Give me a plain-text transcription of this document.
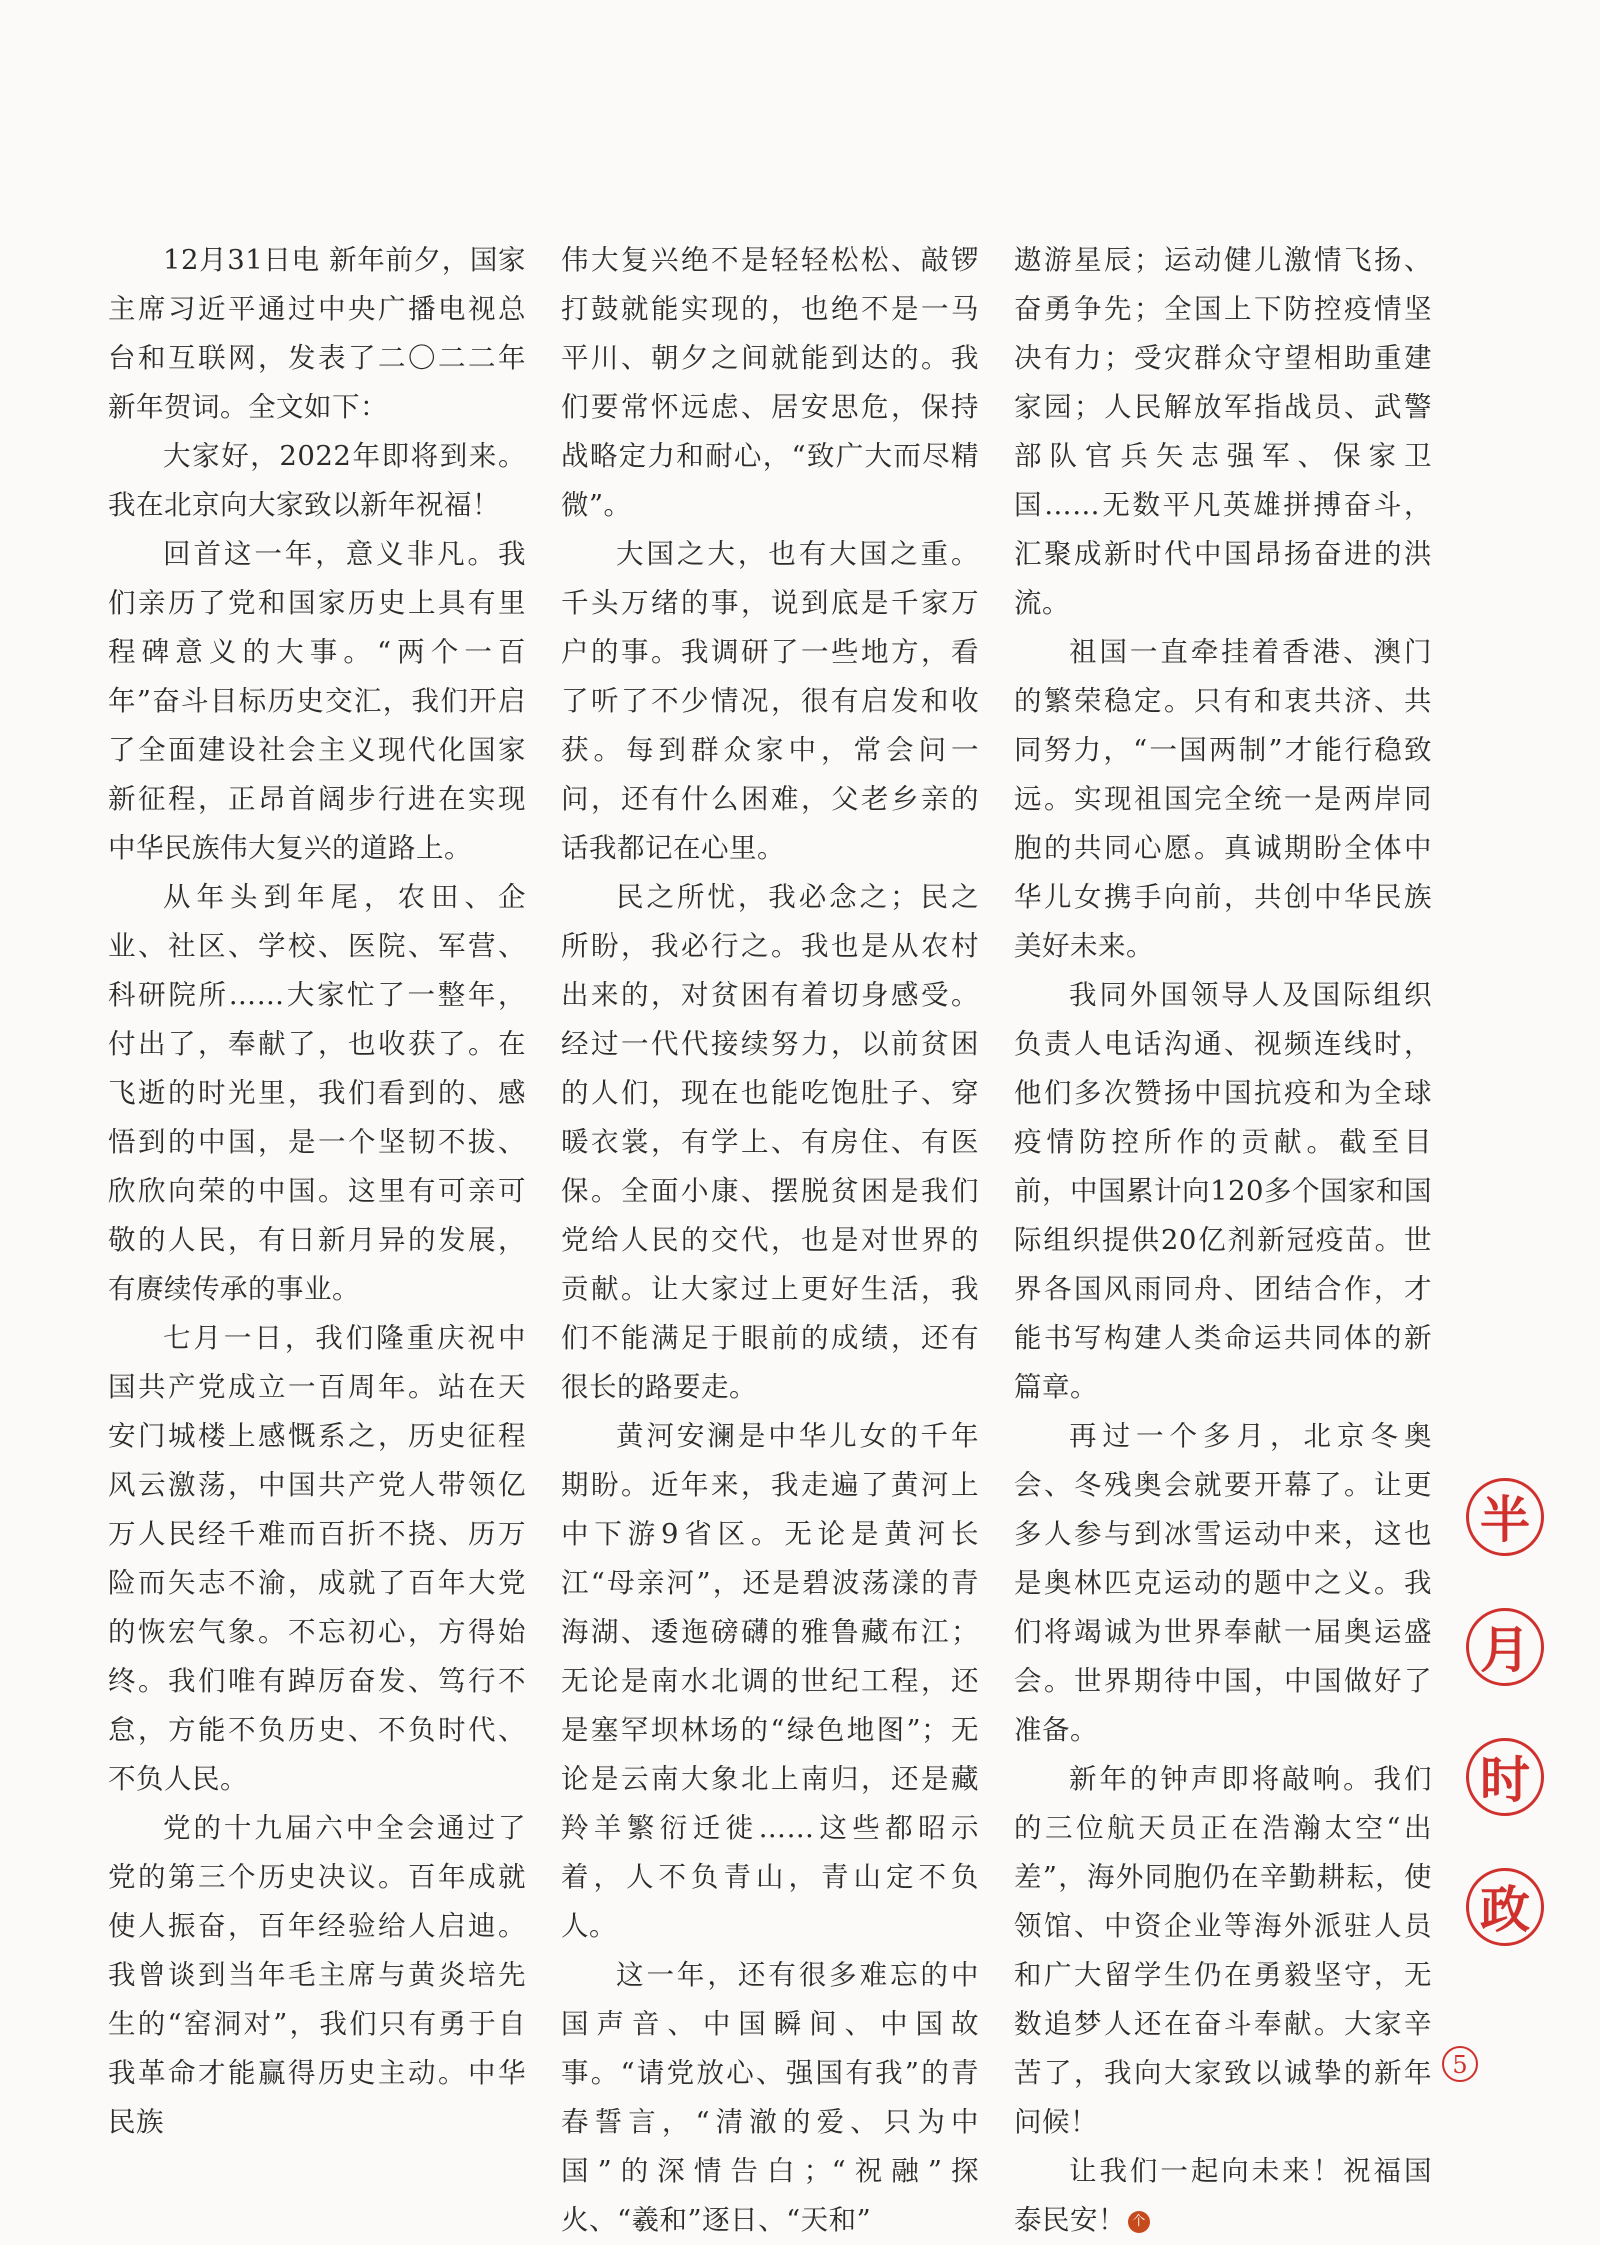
12月31日电 新年前夕，国家主席习近平通过中央广播电视总台和互联网，发表了二〇二二年新年贺词。全文如下：

大家好，2022年即将到来。我在北京向大家致以新年祝福！

回首这一年，意义非凡。我们亲历了党和国家历史上具有里程碑意义的大事。“两个一百年”奋斗目标历史交汇，我们开启了全面建设社会主义现代化国家新征程，正昂首阔步行进在实现中华民族伟大复兴的道路上。

从年头到年尾，农田、企业、社区、学校、医院、军营、科研院所……大家忙了一整年，付出了，奉献了，也收获了。在飞逝的时光里，我们看到的、感悟到的中国，是一个坚韧不拔、欣欣向荣的中国。这里有可亲可敬的人民，有日新月异的发展，有赓续传承的事业。

七月一日，我们隆重庆祝中国共产党成立一百周年。站在天安门城楼上感慨系之，历史征程风云激荡，中国共产党人带领亿万人民经千难而百折不挠、历万险而矢志不渝，成就了百年大党的恢宏气象。不忘初心，方得始终。我们唯有踔厉奋发、笃行不怠，方能不负历史、不负时代、不负人民。

党的十九届六中全会通过了党的第三个历史决议。百年成就使人振奋，百年经验给人启迪。我曾谈到当年毛主席与黄炎培先生的“窑洞对”，我们只有勇于自我革命才能赢得历史主动。中华民族

伟大复兴绝不是轻轻松松、敲锣打鼓就能实现的，也绝不是一马平川、朝夕之间就能到达的。我们要常怀远虑、居安思危，保持战略定力和耐心，“致广大而尽精微”。

大国之大，也有大国之重。千头万绪的事，说到底是千家万户的事。我调研了一些地方，看了听了不少情况，很有启发和收获。每到群众家中，常会问一问，还有什么困难，父老乡亲的话我都记在心里。

民之所忧，我必念之；民之所盼，我必行之。我也是从农村出来的，对贫困有着切身感受。经过一代代接续努力，以前贫困的人们，现在也能吃饱肚子、穿暖衣裳，有学上、有房住、有医保。全面小康、摆脱贫困是我们党给人民的交代，也是对世界的贡献。让大家过上更好生活，我们不能满足于眼前的成绩，还有很长的路要走。

黄河安澜是中华儿女的千年期盼。近年来，我走遍了黄河上中下游9省区。无论是黄河长江“母亲河”，还是碧波荡漾的青海湖、逶迤磅礴的雅鲁藏布江；无论是南水北调的世纪工程，还是塞罕坝林场的“绿色地图”；无论是云南大象北上南归，还是藏羚羊繁衍迁徙……这些都昭示着，人不负青山，青山定不负人。

这一年，还有很多难忘的中国声音、中国瞬间、中国故事。“请党放心、强国有我”的青春誓言，“清澈的爱、只为中国”的深情告白；“祝融”探火、“羲和”逐日、“天和”

遨游星辰；运动健儿激情飞扬、奋勇争先；全国上下防控疫情坚决有力；受灾群众守望相助重建家园；人民解放军指战员、武警部队官兵矢志强军、保家卫国……无数平凡英雄拼搏奋斗，汇聚成新时代中国昂扬奋进的洪流。

祖国一直牵挂着香港、澳门的繁荣稳定。只有和衷共济、共同努力，“一国两制”才能行稳致远。实现祖国完全统一是两岸同胞的共同心愿。真诚期盼全体中华儿女携手向前，共创中华民族美好未来。

我同外国领导人及国际组织负责人电话沟通、视频连线时，他们多次赞扬中国抗疫和为全球疫情防控所作的贡献。截至目前，中国累计向120多个国家和国际组织提供20亿剂新冠疫苗。世界各国风雨同舟、团结合作，才能书写构建人类命运共同体的新篇章。

再过一个多月，北京冬奥会、冬残奥会就要开幕了。让更多人参与到冰雪运动中来，这也是奥林匹克运动的题中之义。我们将竭诚为世界奉献一届奥运盛会。世界期待中国，中国做好了准备。

新年的钟声即将敲响。我们的三位航天员正在浩瀚太空“出差”，海外同胞仍在辛勤耕耘，使领馆、中资企业等海外派驻人员和广大留学生仍在勇毅坚守，无数追梦人还在奋斗奉献。大家辛苦了，我向大家致以诚挚的新年问候！

让我们一起向未来！祝福国泰民安！ 个

半
月
时
政
5
